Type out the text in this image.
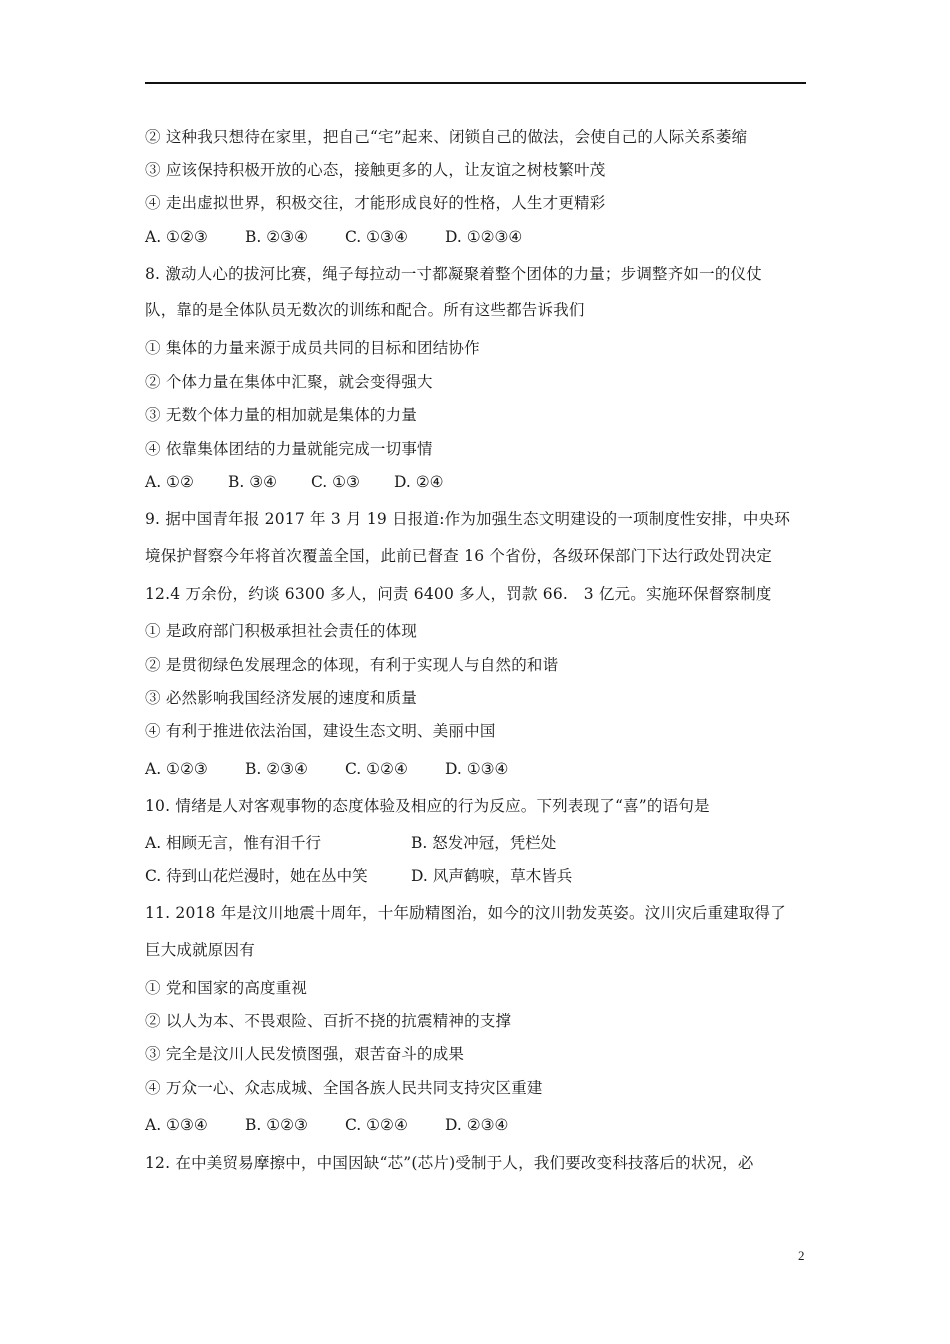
② 这种我只想待在家里，把自己“宅”起来、闭锁自己的做法，会使自己的人际关系萎缩
③ 应该保持积极开放的心态，接触更多的人，让友谊之树枝繁叶茂
④ 走出虚拟世界，积极交往，才能形成良好的性格，人生才更精彩
A. ①②③ B. ②③④ C. ①③④ D. ①②③④
8. 激动人心的拔河比赛，绳子每拉动一寸都凝聚着整个团体的力量；步调整齐如一的仪仗
队，靠的是全体队员无数次的训练和配合。所有这些都告诉我们
① 集体的力量来源于成员共同的目标和团结协作
② 个体力量在集体中汇聚，就会变得强大
③ 无数个体力量的相加就是集体的力量
④ 依靠集体团结的力量就能完成一切事情
A. ①② B. ③④ C. ①③ D. ②④
9. 据中国青年报 2017 年 3 月 19 日报道:作为加强生态文明建设的一项制度性安排，中央环
境保护督察今年将首次覆盖全国，此前已督查 16 个省份，各级环保部门下达行政处罚决定
12.4 万余份，约谈 6300 多人，问责 6400 多人，罚款 66.　3 亿元。实施环保督察制度
① 是政府部门积极承担社会责任的体现
② 是贯彻绿色发展理念的体现，有利于实现人与自然的和谐
③ 必然影响我国经济发展的速度和质量
④ 有利于推进依法治国，建设生态文明、美丽中国
A. ①②③ B. ②③④ C. ①②④ D. ①③④
10. 情绪是人对客观事物的态度体验及相应的行为反应。下列表现了“喜”的语句是
A. 相顾无言，惟有泪千行	B. 怒发冲冠，凭栏处
C. 待到山花烂漫时，她在丛中笑	D. 风声鹤唳，草木皆兵
11. 2018 年是汶川地震十周年，十年励精图治，如今的汶川勃发英姿。汶川灾后重建取得了
巨大成就原因有
① 党和国家的高度重视
② 以人为本、不畏艰险、百折不挠的抗震精神的支撑
③ 完全是汶川人民发愤图强，艰苦奋斗的成果
④ 万众一心、众志成城、全国各族人民共同支持灾区重建
A. ①③④ B. ①②③ C. ①②④ D. ②③④
12. 在中美贸易摩擦中，中国因缺“芯”(芯片)受制于人，我们要改变科技落后的状况，必
2
